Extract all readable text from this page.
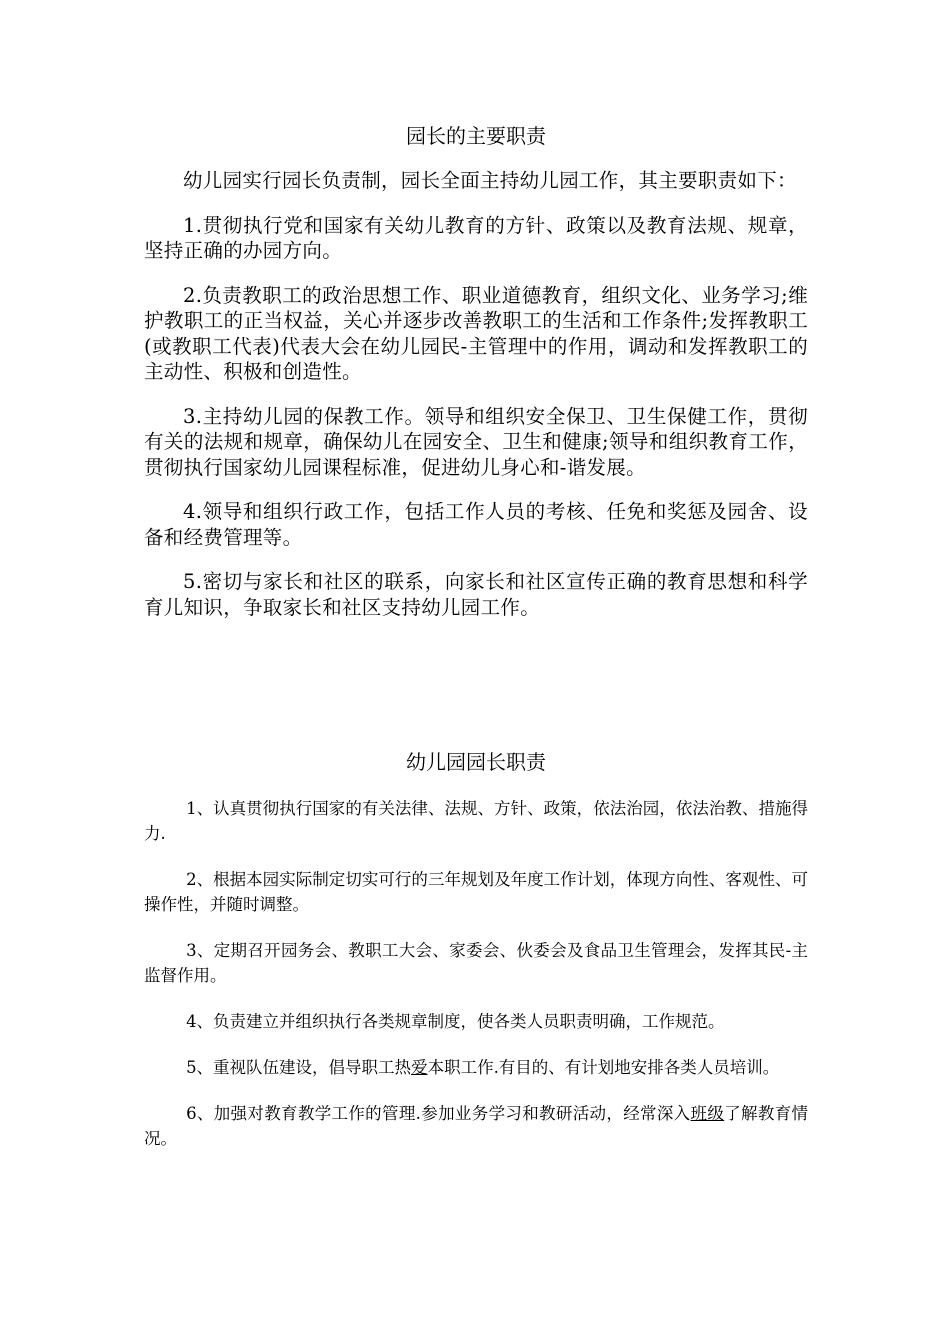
园长的主要职责

幼儿园实行园长负责制，园长全面主持幼儿园工作，其主要职责如下：

1.贯彻执行党和国家有关幼儿教育的方针、政策以及教育法规、规章，坚持正确的办园方向。

2.负责教职工的政治思想工作、职业道德教育，组织文化、业务学习;维护教职工的正当权益，关心并逐步改善教职工的生活和工作条件;发挥教职工(或教职工代表)代表大会在幼儿园民-主管理中的作用，调动和发挥教职工的主动性、积极和创造性。

3.主持幼儿园的保教工作。领导和组织安全保卫、卫生保健工作，贯彻有关的法规和规章，确保幼儿在园安全、卫生和健康;领导和组织教育工作，贯彻执行国家幼儿园课程标准，促进幼儿身心和-谐发展。

4.领导和组织行政工作，包括工作人员的考核、任免和奖惩及园舍、设备和经费管理等。

5.密切与家长和社区的联系，向家长和社区宣传正确的教育思想和科学育儿知识，争取家长和社区支持幼儿园工作。

幼儿园园长职责

1、认真贯彻执行国家的有关法律、法规、方针、政策，依法治园，依法治教、措施得力.

2、根据本园实际制定切实可行的三年规划及年度工作计划，体现方向性、客观性、可操作性，并随时调整。

3、定期召开园务会、教职工大会、家委会、伙委会及食品卫生管理会，发挥其民-主监督作用。

4、负责建立并组织执行各类规章制度，使各类人员职责明确，工作规范。

5、重视队伍建设，倡导职工热爱本职工作.有目的、有计划地安排各类人员培训。

6、加强对教育教学工作的管理.参加业务学习和教研活动，经常深入班级了解教育情况。
